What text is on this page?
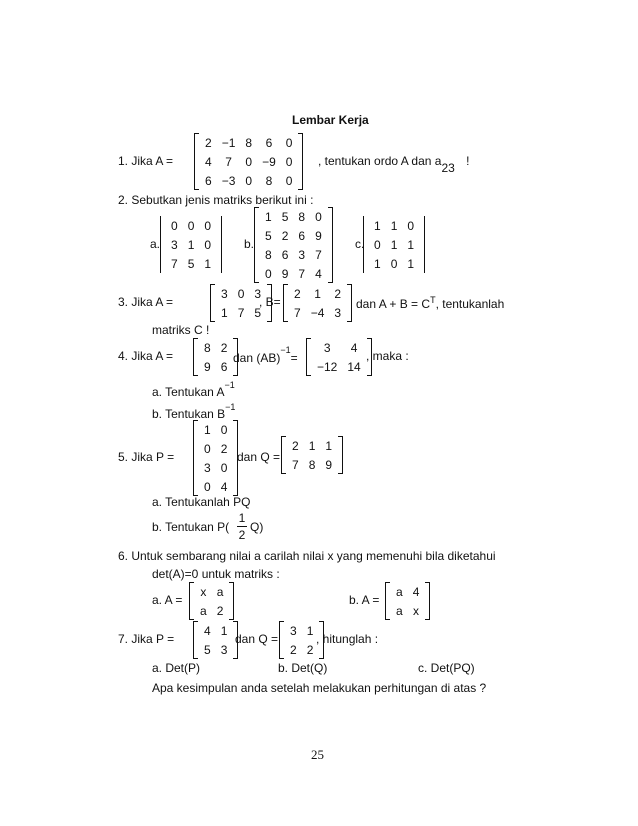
Lembar Kerja
1. Jika A =
2	−1	8	6	0
4	7	0	−9	0
6	−3	0	8	0
, tentukan ordo A dan $a_{23}$ !
2. Sebutkan jenis matriks berikut ini :
a.
0	0	0
3	1	0
7	5	1
b.
1	5	8	0
5	2	6	9
8	6	3	7
0	9	7	4
c.
1	1	0
0	1	1
1	0	1
3. Jika A =
3	0	3
1	7	5
, B=
2	1	2
7	−4	3
dan $A + B = C^T$, tentukanlah
matriks C !
4. Jika A =
8	2
9	6
dan (AB)$^{-1}$=
3	4
−12	14
, maka :
a. Tentukan $A^{-1}$
b. Tentukan $B^{-1}$
5. Jika P =
1	0
0	2
3	0
0	4
dan Q =
2	1	1
7	8	9
a. Tentukanlah PQ
b. Tentukan P(
1
2
Q)
6. Untuk sembarang nilai a carilah nilai x yang memenuhi bila diketahui
det(A)=0 untuk matriks :
a. A =
x	a
a	2
b. A =
a	4
a	x
7. Jika P =
4	1
5	3
dan Q =
3	1
2	2
, hitunglah :
a. Det(P)	b. Det(Q)	c. Det(PQ)
Apa kesimpulan anda setelah melakukan perhitungan di atas ?
25
